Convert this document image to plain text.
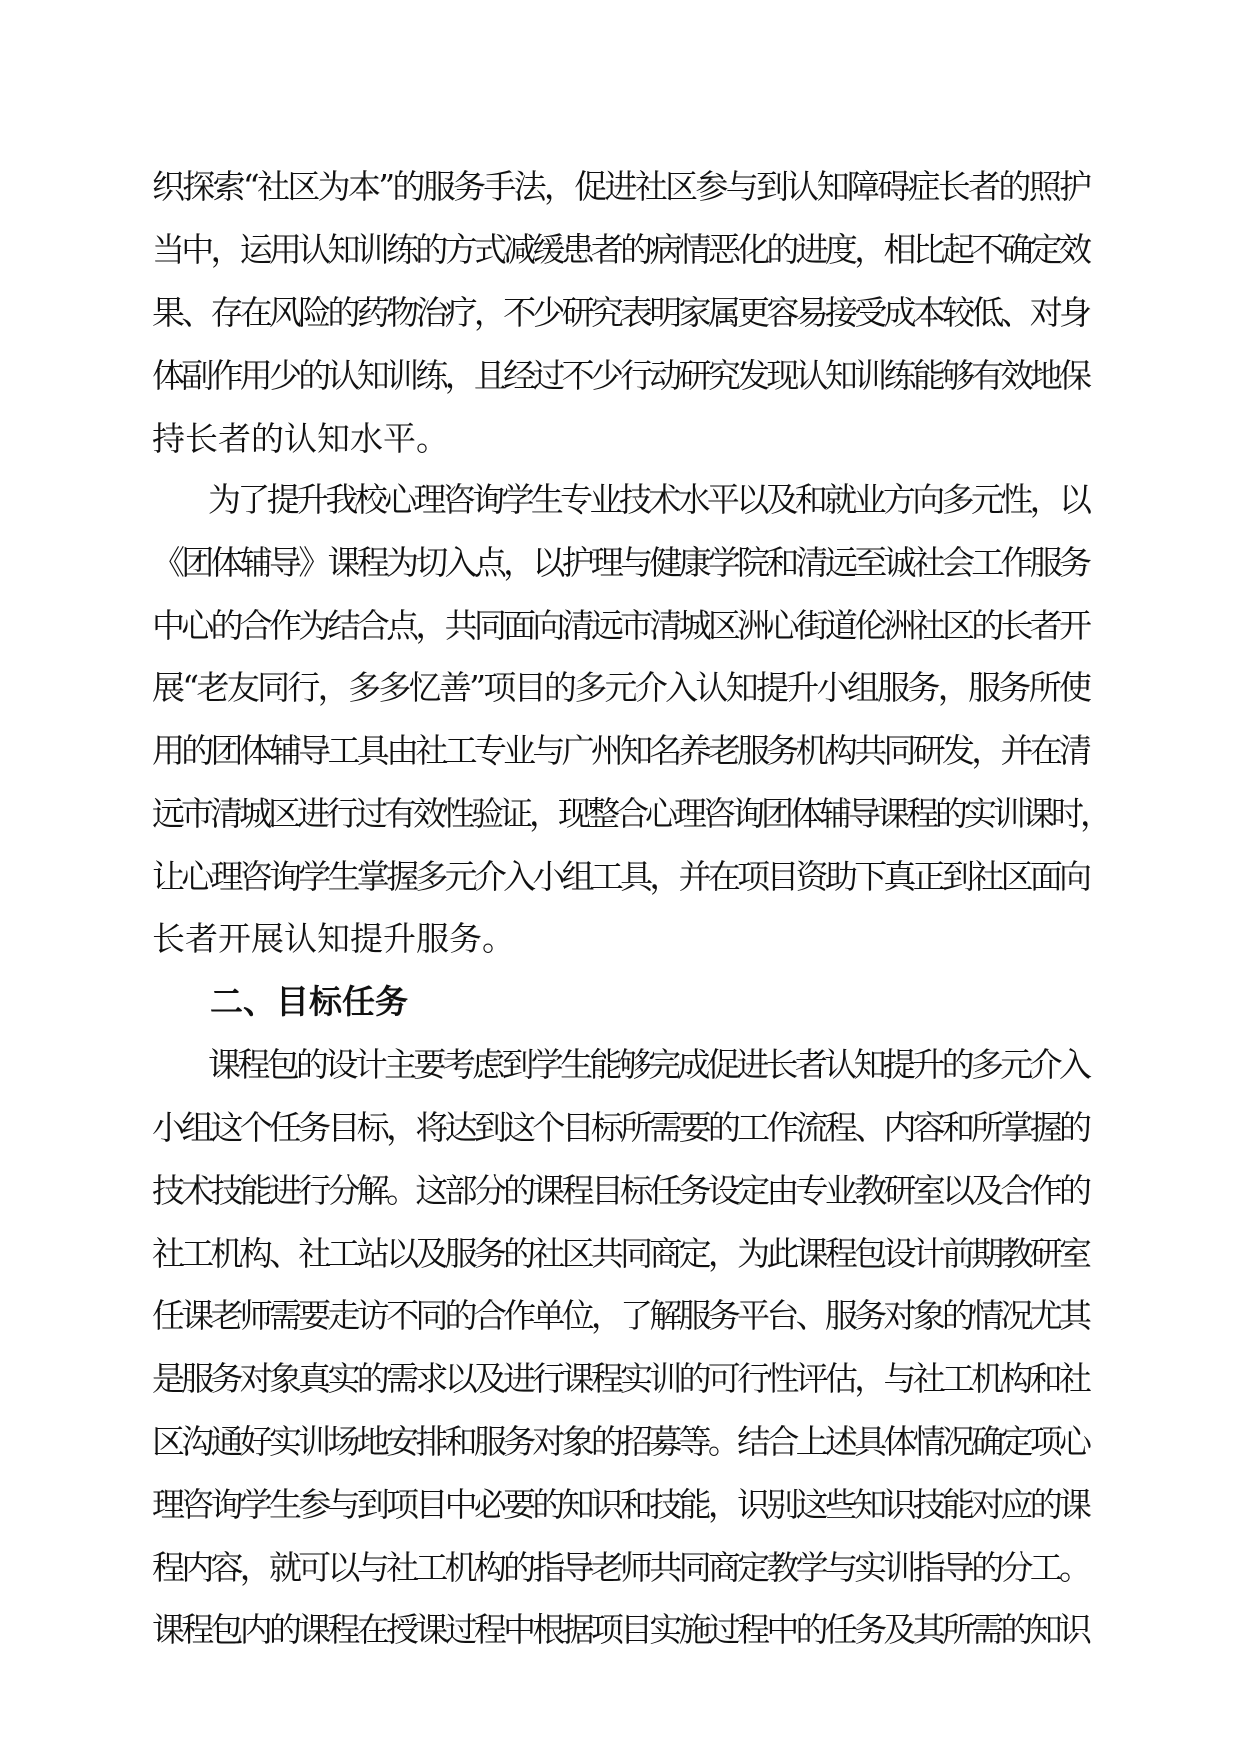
织探索“社区为本”的服务手法，促进社区参与到认知障碍症长者的照护
当中，运用认知训练的方式减缓患者的病情恶化的进度，相比起不确定效
果、存在风险的药物治疗，不少研究表明家属更容易接受成本较低、对身
体副作用少的认知训练，且经过不少行动研究发现认知训练能够有效地保
持长者的认知水平。
为了提升我校心理咨询学生专业技术水平以及和就业方向多元性，以
《团体辅导》课程为切入点，以护理与健康学院和清远至诚社会工作服务
中心的合作为结合点，共同面向清远市清城区洲心街道伦洲社区的长者开
展“老友同行，多多忆善”项目的多元介入认知提升小组服务，服务所使
用的团体辅导工具由社工专业与广州知名养老服务机构共同研发，并在清
远市清城区进行过有效性验证，现整合心理咨询团体辅导课程的实训课时，
让心理咨询学生掌握多元介入小组工具，并在项目资助下真正到社区面向
长者开展认知提升服务。
二、目标任务
课程包的设计主要考虑到学生能够完成促进长者认知提升的多元介入
小组这个任务目标，将达到这个目标所需要的工作流程、内容和所掌握的
技术技能进行分解。这部分的课程目标任务设定由专业教研室以及合作的
社工机构、社工站以及服务的社区共同商定，为此课程包设计前期教研室
任课老师需要走访不同的合作单位，了解服务平台、服务对象的情况尤其
是服务对象真实的需求以及进行课程实训的可行性评估，与社工机构和社
区沟通好实训场地安排和服务对象的招募等。结合上述具体情况确定项心
理咨询学生参与到项目中必要的知识和技能，识别这些知识技能对应的课
程内容，就可以与社工机构的指导老师共同商定教学与实训指导的分工。
课程包内的课程在授课过程中根据项目实施过程中的任务及其所需的知识
